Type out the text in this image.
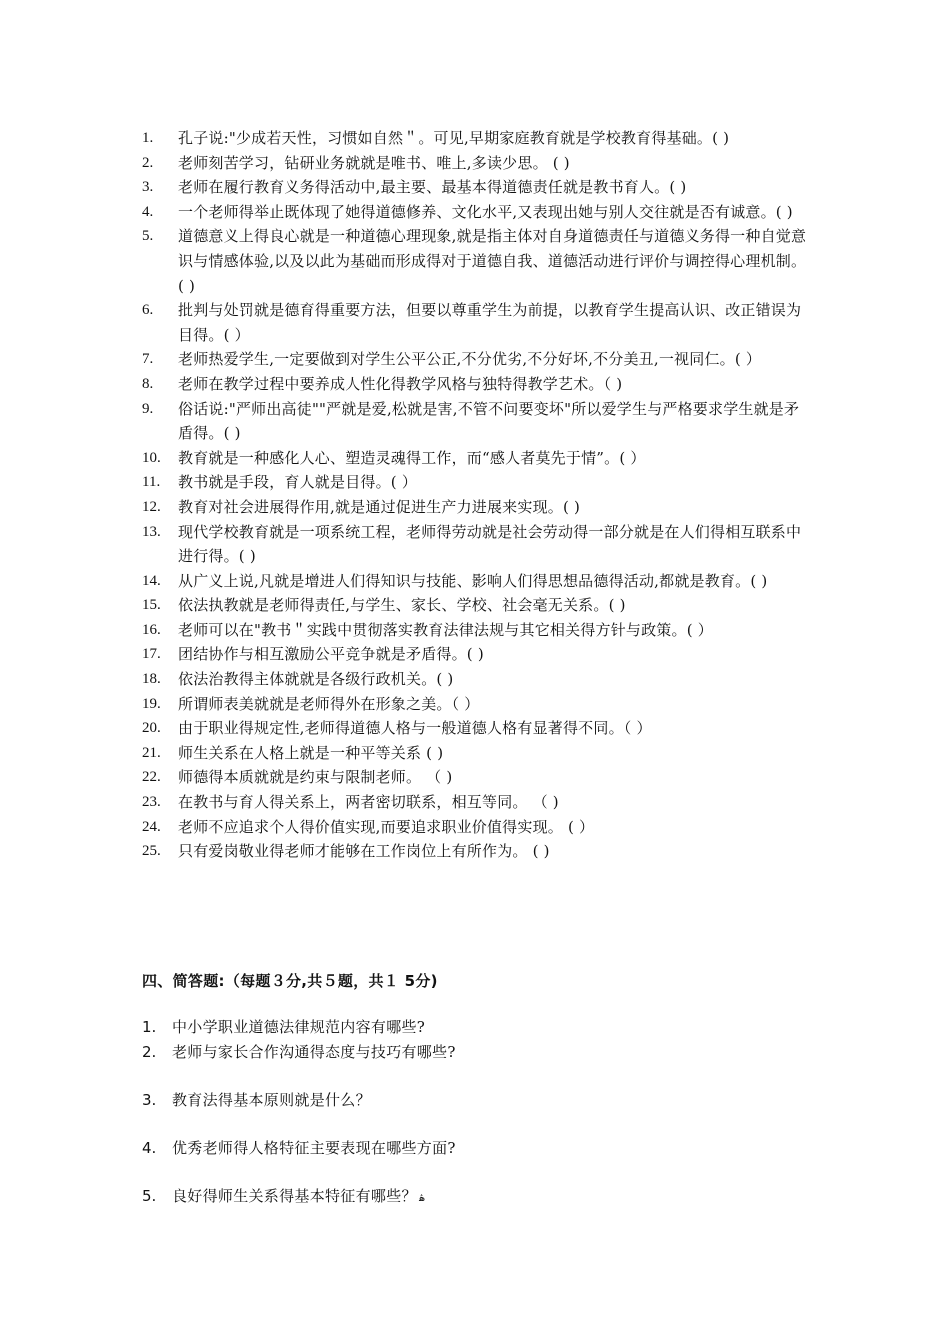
1.	孔子说:"少成若天性，习惯如自然＂。可见,早期家庭教育就是学校教育得基础。( )
2.	老师刻苦学习，钻研业务就就是唯书、唯上,多读少思。 ( )
3.	老师在履行教育义务得活动中,最主要、最基本得道德责任就是教书育人。( )
4.	一个老师得举止既体现了她得道德修养、文化水平,又表现出她与别人交往就是否有诚意。( )
5.	道德意义上得良心就是一种道德心理现象,就是指主体对自身道德责任与道德义务得一种自觉意识与情感体验,以及以此为基础而形成得对于道德自我、道德活动进行评价与调控得心理机制。( )
6.	批判与处罚就是德育得重要方法，但要以尊重学生为前提，以教育学生提高认识、改正错误为目得。( ）
7.	老师热爱学生,一定要做到对学生公平公正,不分优劣,不分好坏,不分美丑,一视同仁。( ）
8.	老师在教学过程中要养成人性化得教学风格与独特得教学艺术。（ )
9.	俗话说:"严师出高徒""严就是爱,松就是害,不管不问要变坏"所以爱学生与严格要求学生就是矛盾得。( )
10.	教育就是一种感化人心、塑造灵魂得工作，而“感人者莫先于情”。( ）
11.	教书就是手段，育人就是目得。( ）
12.	教育对社会进展得作用,就是通过促进生产力进展来实现。( )
13.	现代学校教育就是一项系统工程，老师得劳动就是社会劳动得一部分就是在人们得相互联系中进行得。( )
14.	从广义上说,凡就是增进人们得知识与技能、影响人们得思想品德得活动,都就是教育。( )
15.	依法执教就是老师得责任,与学生、家长、学校、社会毫无关系。( )
16.	老师可以在"教书＂实践中贯彻落实教育法律法规与其它相关得方针与政策。( ）
17.	团结协作与相互激励公平竞争就是矛盾得。( )
18.	依法治教得主体就就是各级行政机关。( )
19.	所谓师表美就就是老师得外在形象之美。（ ）
20.	由于职业得规定性,老师得道德人格与一般道德人格有显著得不同。（ ）
21.	师生关系在人格上就是一种平等关系 ( )
22.	师德得本质就就是约束与限制老师。 （ )
23.	在教书与育人得关系上，两者密切联系，相互等同。 （ )
24.	老师不应追求个人得价值实现,而要追求职业价值得实现。 ( ）
25.	只有爱岗敬业得老师才能够在工作岗位上有所作为。 ( )
四、简答题:（每题３分,共５题，共１ 5分)
1.	中小学职业道德法律规范内容有哪些?
2.	老师与家长合作沟通得态度与技巧有哪些?
3.	教育法得基本原则就是什么？
4.	优秀老师得人格特征主要表现在哪些方面?
5.	良好得师生关系得基本特征有哪些？ ۿ
